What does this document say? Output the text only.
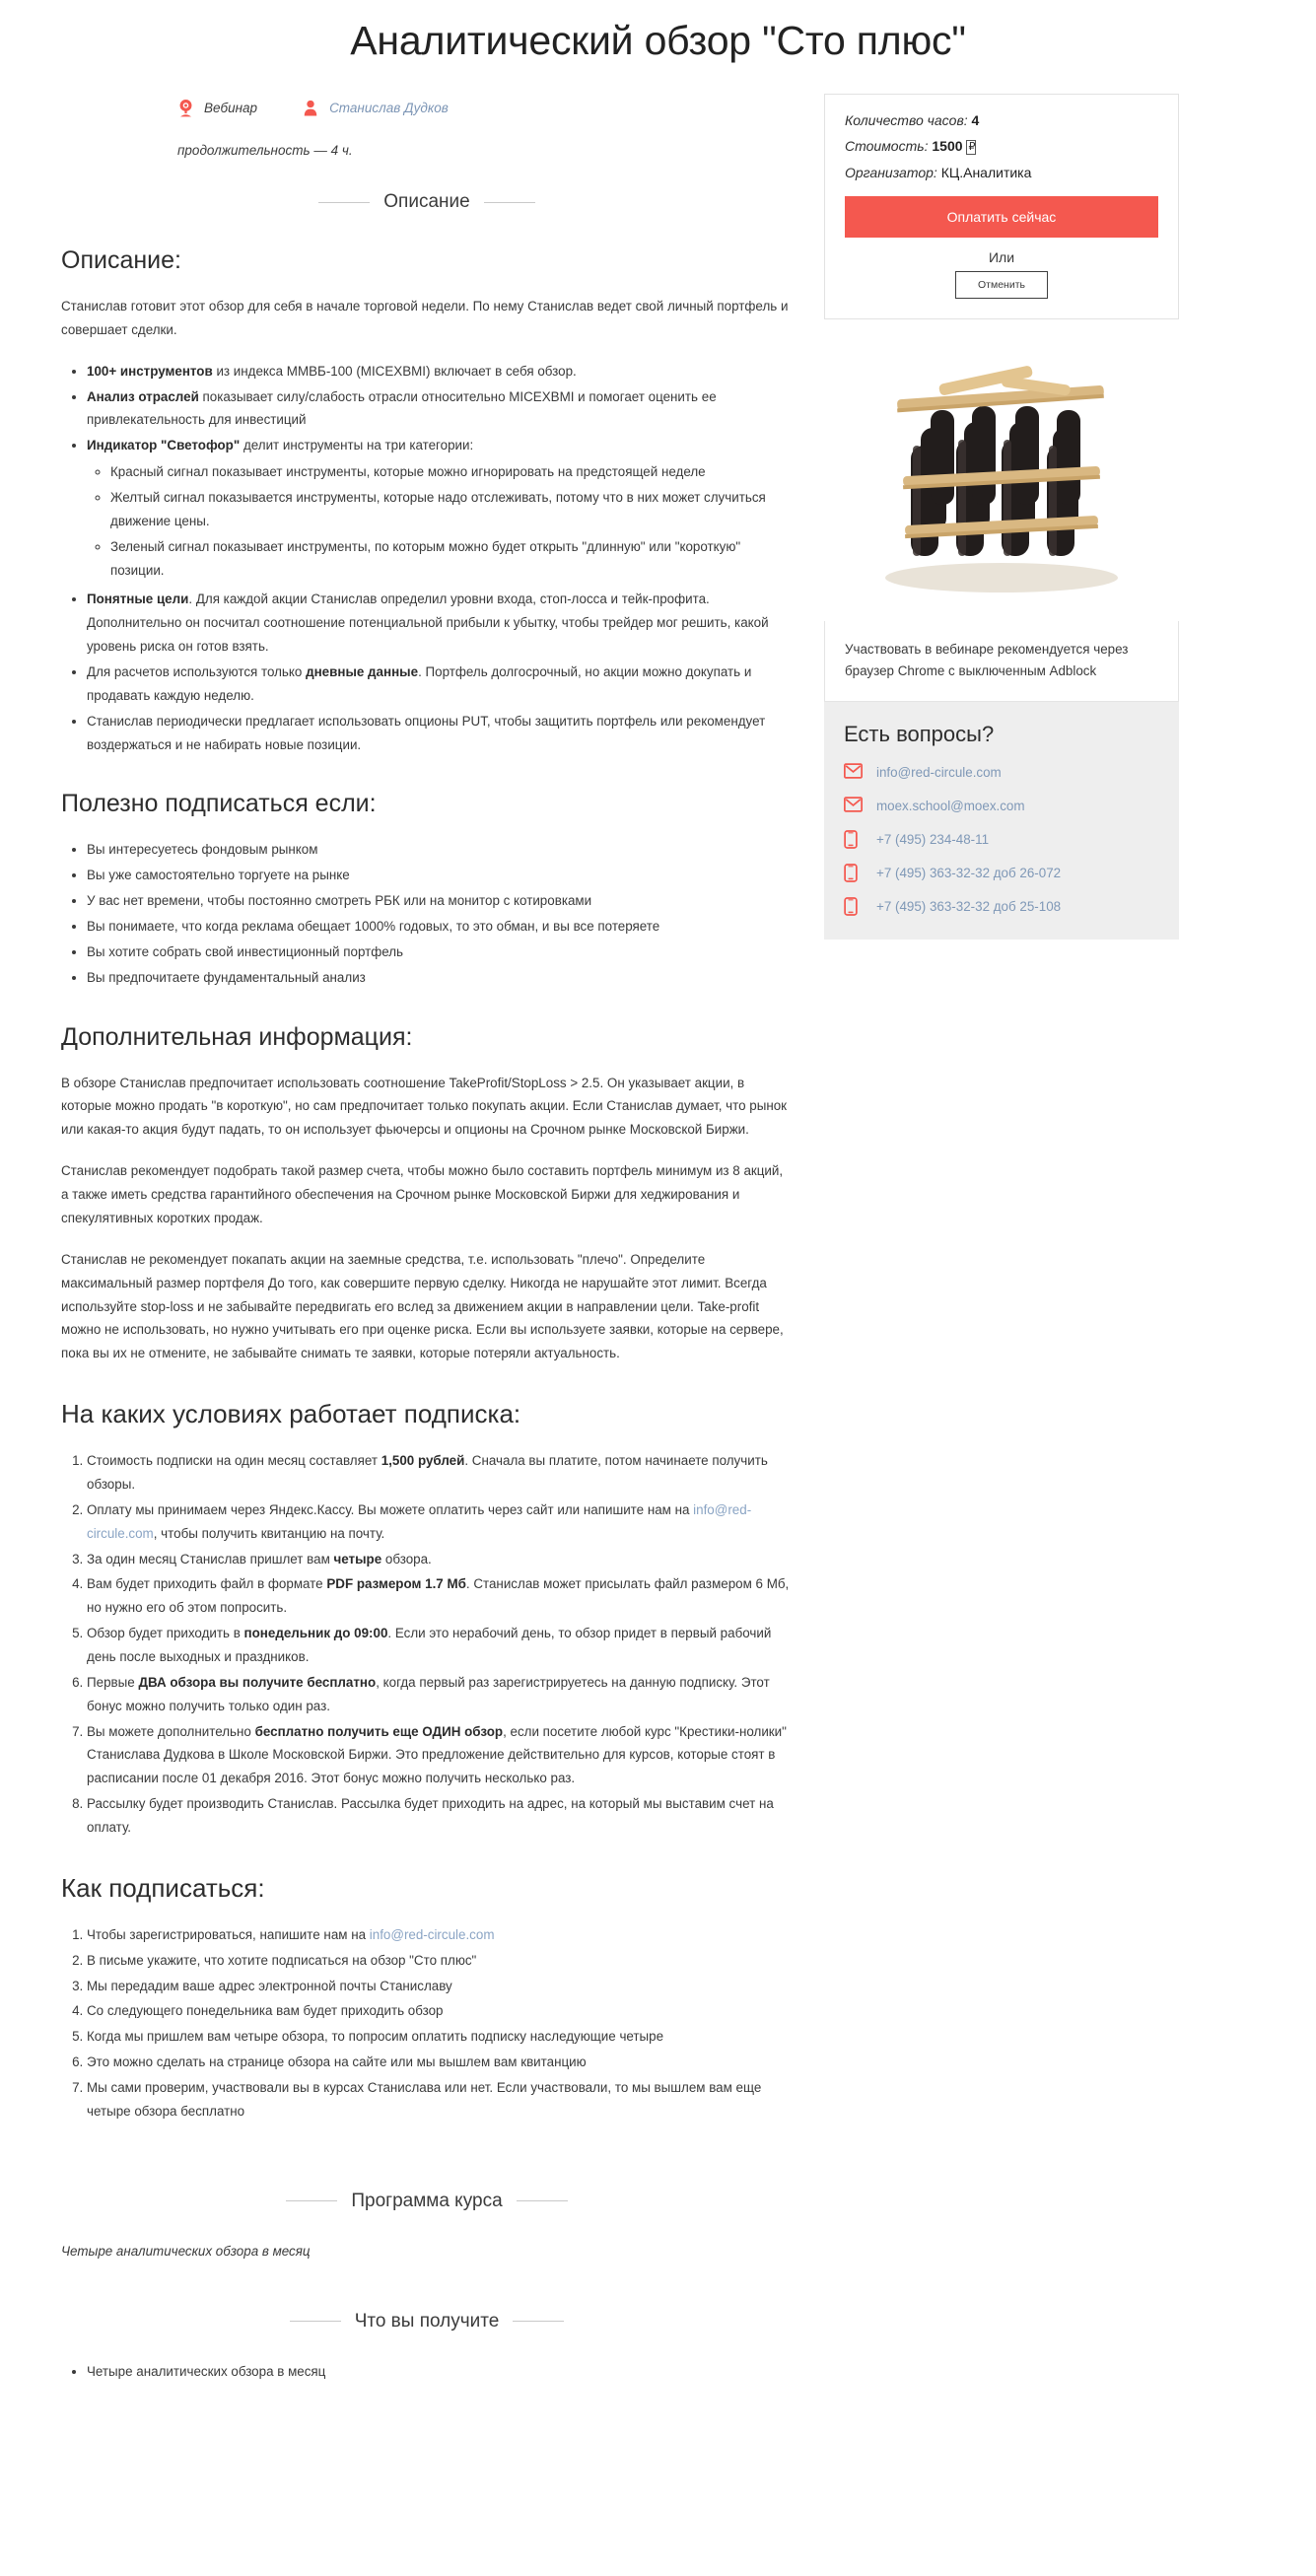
Аналитический обзор "Сто плюс"
Вебинар	Станислав Дудков
продолжительность — 4 ч.
Описание
Описание:

Станислав готовит этот обзор для себя в начале торговой недели. По нему Станислав ведет свой личный портфель и совершает сделки.

• 100+ инструментов из индекса ММВБ-100 (MICEXBMI) включает в себя обзор.
• Анализ отраслей показывает силу/слабость отрасли относительно MICEXBMI и помогает оценить ее привлекательность для инвестиций
• Индикатор "Светофор" делит инструменты на три категории:
◦ Красный сигнал показывает инструменты, которые можно игнорировать на предстоящей неделе
◦ Желтый сигнал показывается инструменты, которые надо отслеживать, потому что в них может случиться движение цены.
◦ Зеленый сигнал показывает инструменты, по которым можно будет открыть "длинную" или "короткую" позиции.
• Понятные цели. Для каждой акции Станислав определил уровни входа, стоп-лосса и тейк-профита. Дополнительно он посчитал соотношение потенциальной прибыли к убытку, чтобы трейдер мог решить, какой уровень риска он готов взять.
• Для расчетов используются только дневные данные. Портфель долгосрочный, но акции можно докупать и продавать каждую неделю.
• Станислав периодически предлагает использовать опционы PUT, чтобы защитить портфель или рекомендует воздержаться и не набирать новые позиции.
Полезно подписаться если:
• Вы интересуетесь фондовым рынком
• Вы уже самостоятельно торгуете на рынке
• У вас нет времени, чтобы постоянно смотреть РБК или на монитор с котировками
• Вы понимаете, что когда реклама обещает 1000% годовых, то это обман, и вы все потеряете
• Вы хотите собрать свой инвестиционный портфель
• Вы предпочитаете фундаментальный анализ
Дополнительная информация:

В обзоре Станислав предпочитает использовать соотношение TakeProfit/StopLoss > 2.5. Он указывает акции, в которые можно продать "в короткую", но сам предпочитает только покупать акции. Если Станислав думает, что рынок или какая-то акция будут падать, то он использует фьючерсы и опционы на Срочном рынке Московской Биржи.

Станислав рекомендует подобрать такой размер счета, чтобы можно было составить портфель минимум из 8 акций, а также иметь средства гарантийного обеспечения на Срочном рынке Московской Биржи для хеджирования и спекулятивных коротких продаж.

Станислав не рекомендует покапать акции на заемные средства, т.е. использовать "плечо". Определите максимальный размер портфеля До того, как совершите первую сделку. Никогда не нарушайте этот лимит. Всегда используйте stop-loss и не забывайте передвигать его вслед за движением акции в направлении цели. Take-profit можно не использовать, но нужно учитывать его при оценке риска. Если вы используете заявки, которые на сервере, пока вы их не отмените, не забывайте снимать те заявки, которые потеряли актуальность.

На каких условиях работает подписка:
1. Стоимость подписки на один месяц составляет 1,500 рублей. Сначала вы платите, потом начинаете получить обзоры.
2. Оплату мы принимаем через Яндекс.Кассу. Вы можете оплатить через сайт или напишите нам на info@red-circule.com, чтобы получить квитанцию на почту.
3. За один месяц Станислав пришлет вам четыре обзора.
4. Вам будет приходить файл в формате PDF размером 1.7 Мб. Станислав может присылать файл размером 6 Мб, но нужно его об этом попросить.
5. Обзор будет приходить в понедельник до 09:00. Если это нерабочий день, то обзор придет в первый рабочий день после выходных и праздников.
6. Первые ДВА обзора вы получите бесплатно, когда первый раз зарегистрируетесь на данную подписку. Этот бонус можно получить только один раз.
7. Вы можете дополнительно бесплатно получить еще ОДИН обзор, если посетите любой курс "Крестики-нолики" Станислава Дудкова в Школе Московской Биржи. Это предложение действительно для курсов, которые стоят в расписании после 01 декабря 2016. Этот бонус можно получить несколько раз.
8. Рассылку будет производить Станислав. Рассылка будет приходить на адрес, на который мы выставим счет на оплату.
Как подписаться:
1. Чтобы зарегистрироваться, напишите нам на info@red-circule.com
2. В письме укажите, что хотите подписаться на обзор "Сто плюс"
3. Мы передадим ваше адрес электронной почты Станиславу
4. Со следующего понедельника вам будет приходить обзор
5. Когда мы пришлем вам четыре обзора, то попросим оплатить подписку наследующие четыре
6. Это можно сделать на странице обзора на сайте или мы вышлем вам квитанцию
7. Мы сами проверим, участвовали вы в курсах Станислава или нет. Если участвовали, то мы вышлем вам еще четыре обзора бесплатно
Количество часов: 4
Стоимость: 1500 ₽
Организатор: КЦ.Аналитика
Оплатить сейчас
Или
Отменить
Участвовать в вебинаре рекомендуется через браузер Chrome с выключенным Adblock
Есть вопросы?
info@red-circule.com
moex.school@moex.com
+7 (495) 234-48-11
+7 (495) 363-32-32 доб 26-072
+7 (495) 363-32-32 доб 25-108
Программа курса
Четыре аналитических обзора в месяц
Что вы получите
• Четыре аналитических обзора в месяц
